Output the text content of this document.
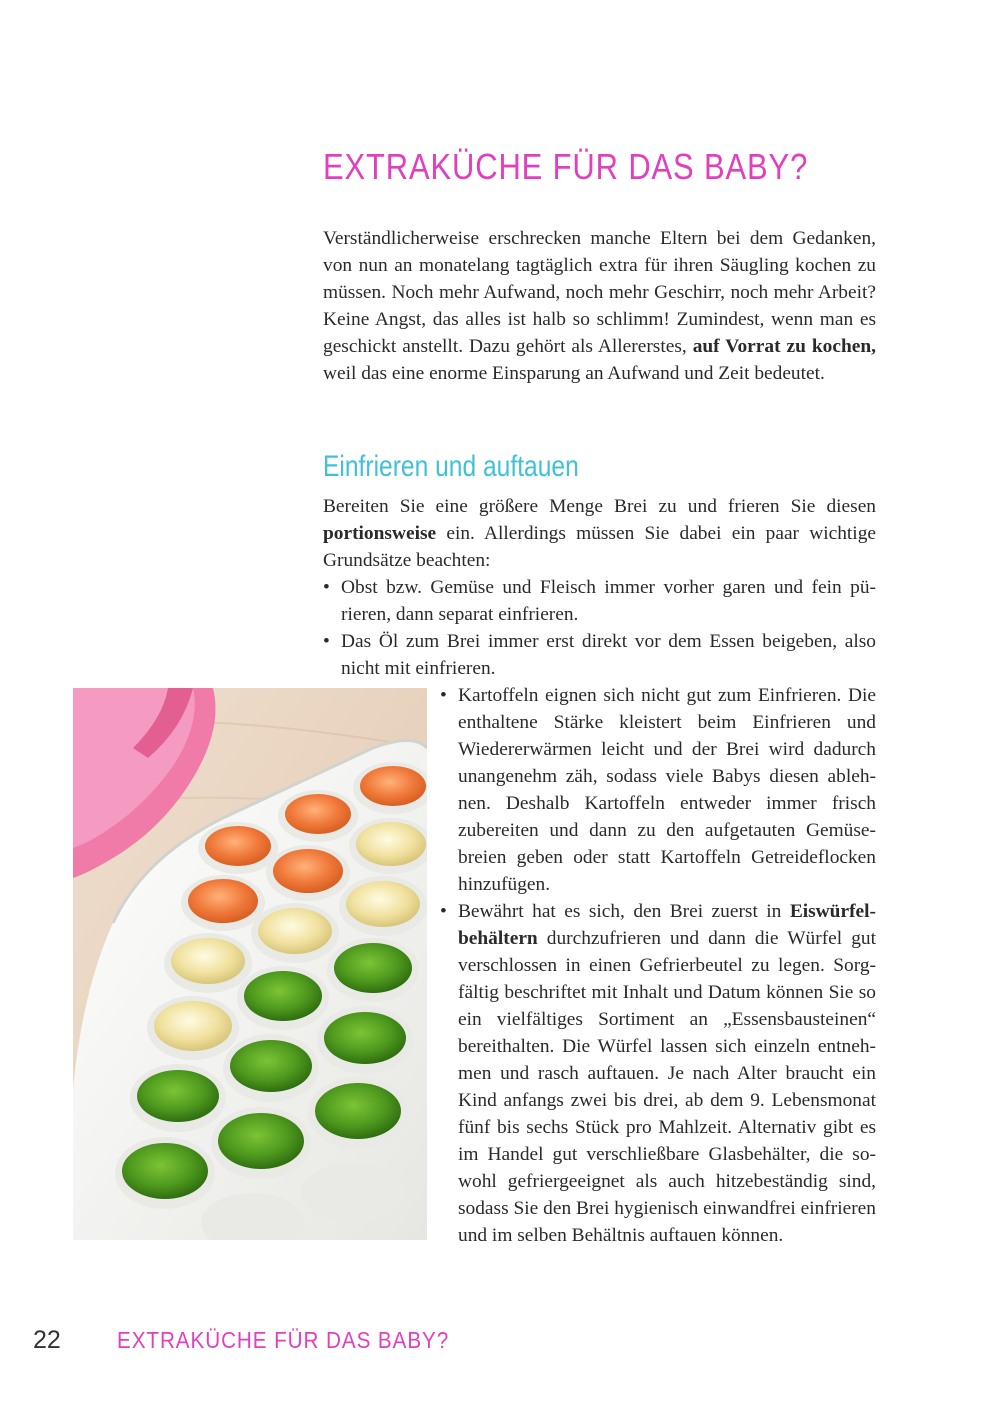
EXTRAKÜCHE FÜR DAS BABY?

Verständlicherweise erschrecken manche Eltern bei dem Gedanken, von nun an monatelang tagtäglich extra für ihren Säugling kochen zu müssen. Noch mehr Aufwand, noch mehr Geschirr, noch mehr Arbeit? Keine Angst, das alles ist halb so schlimm! Zumindest, wenn man es geschickt anstellt. Dazu gehört als Allererstes, auf Vorrat zu kochen, weil das eine enorme Einsparung an Aufwand und Zeit bedeutet.

Einfrieren und auftauen

Bereiten Sie eine größere Menge Brei zu und frieren Sie diesen portionsweise ein. Allerdings müssen Sie dabei ein paar wichtige Grundsätze beachten:

• Obst bzw. Gemüse und Fleisch immer vorher garen und fein pürieren, dann separat einfrieren.
• Das Öl zum Brei immer erst direkt vor dem Essen beigeben, also nicht mit einfrieren.
• Kartoffeln eignen sich nicht gut zum Einfrieren. Die enthaltene Stärke kleistert beim Einfrieren und Wiedererwärmen leicht und der Brei wird dadurch unangenehm zäh, sodass viele Babys diesen ablehnen. Deshalb Kartoffeln entweder immer frisch zubereiten und dann zu den aufgetauten Gemüsebreien geben oder statt Kartoffeln Getreideflocken hinzufügen.
• Bewährt hat es sich, den Brei zuerst in Eiswürfelbehältern durchzufrieren und dann die Würfel gut verschlossen in einen Gefrierbeutel zu legen. Sorgfältig beschriftet mit Inhalt und Datum können Sie so ein vielfältiges Sortiment an „Essensbausteinen“ bereithalten. Die Würfel lassen sich einzeln entnehmen und rasch auftauen. Je nach Alter braucht ein Kind anfangs zwei bis drei, ab dem 9. Lebensmonat fünf bis sechs Stück pro Mahlzeit. Alternativ gibt es im Handel gut verschließbare Glasbehälter, die sowohl gefriergeeignet als auch hitzebeständig sind, sodass Sie den Brei hygienisch einwandfrei einfrieren und im selben Behältnis auftauen können.
22 EXTRAKÜCHE FÜR DAS BABY?
